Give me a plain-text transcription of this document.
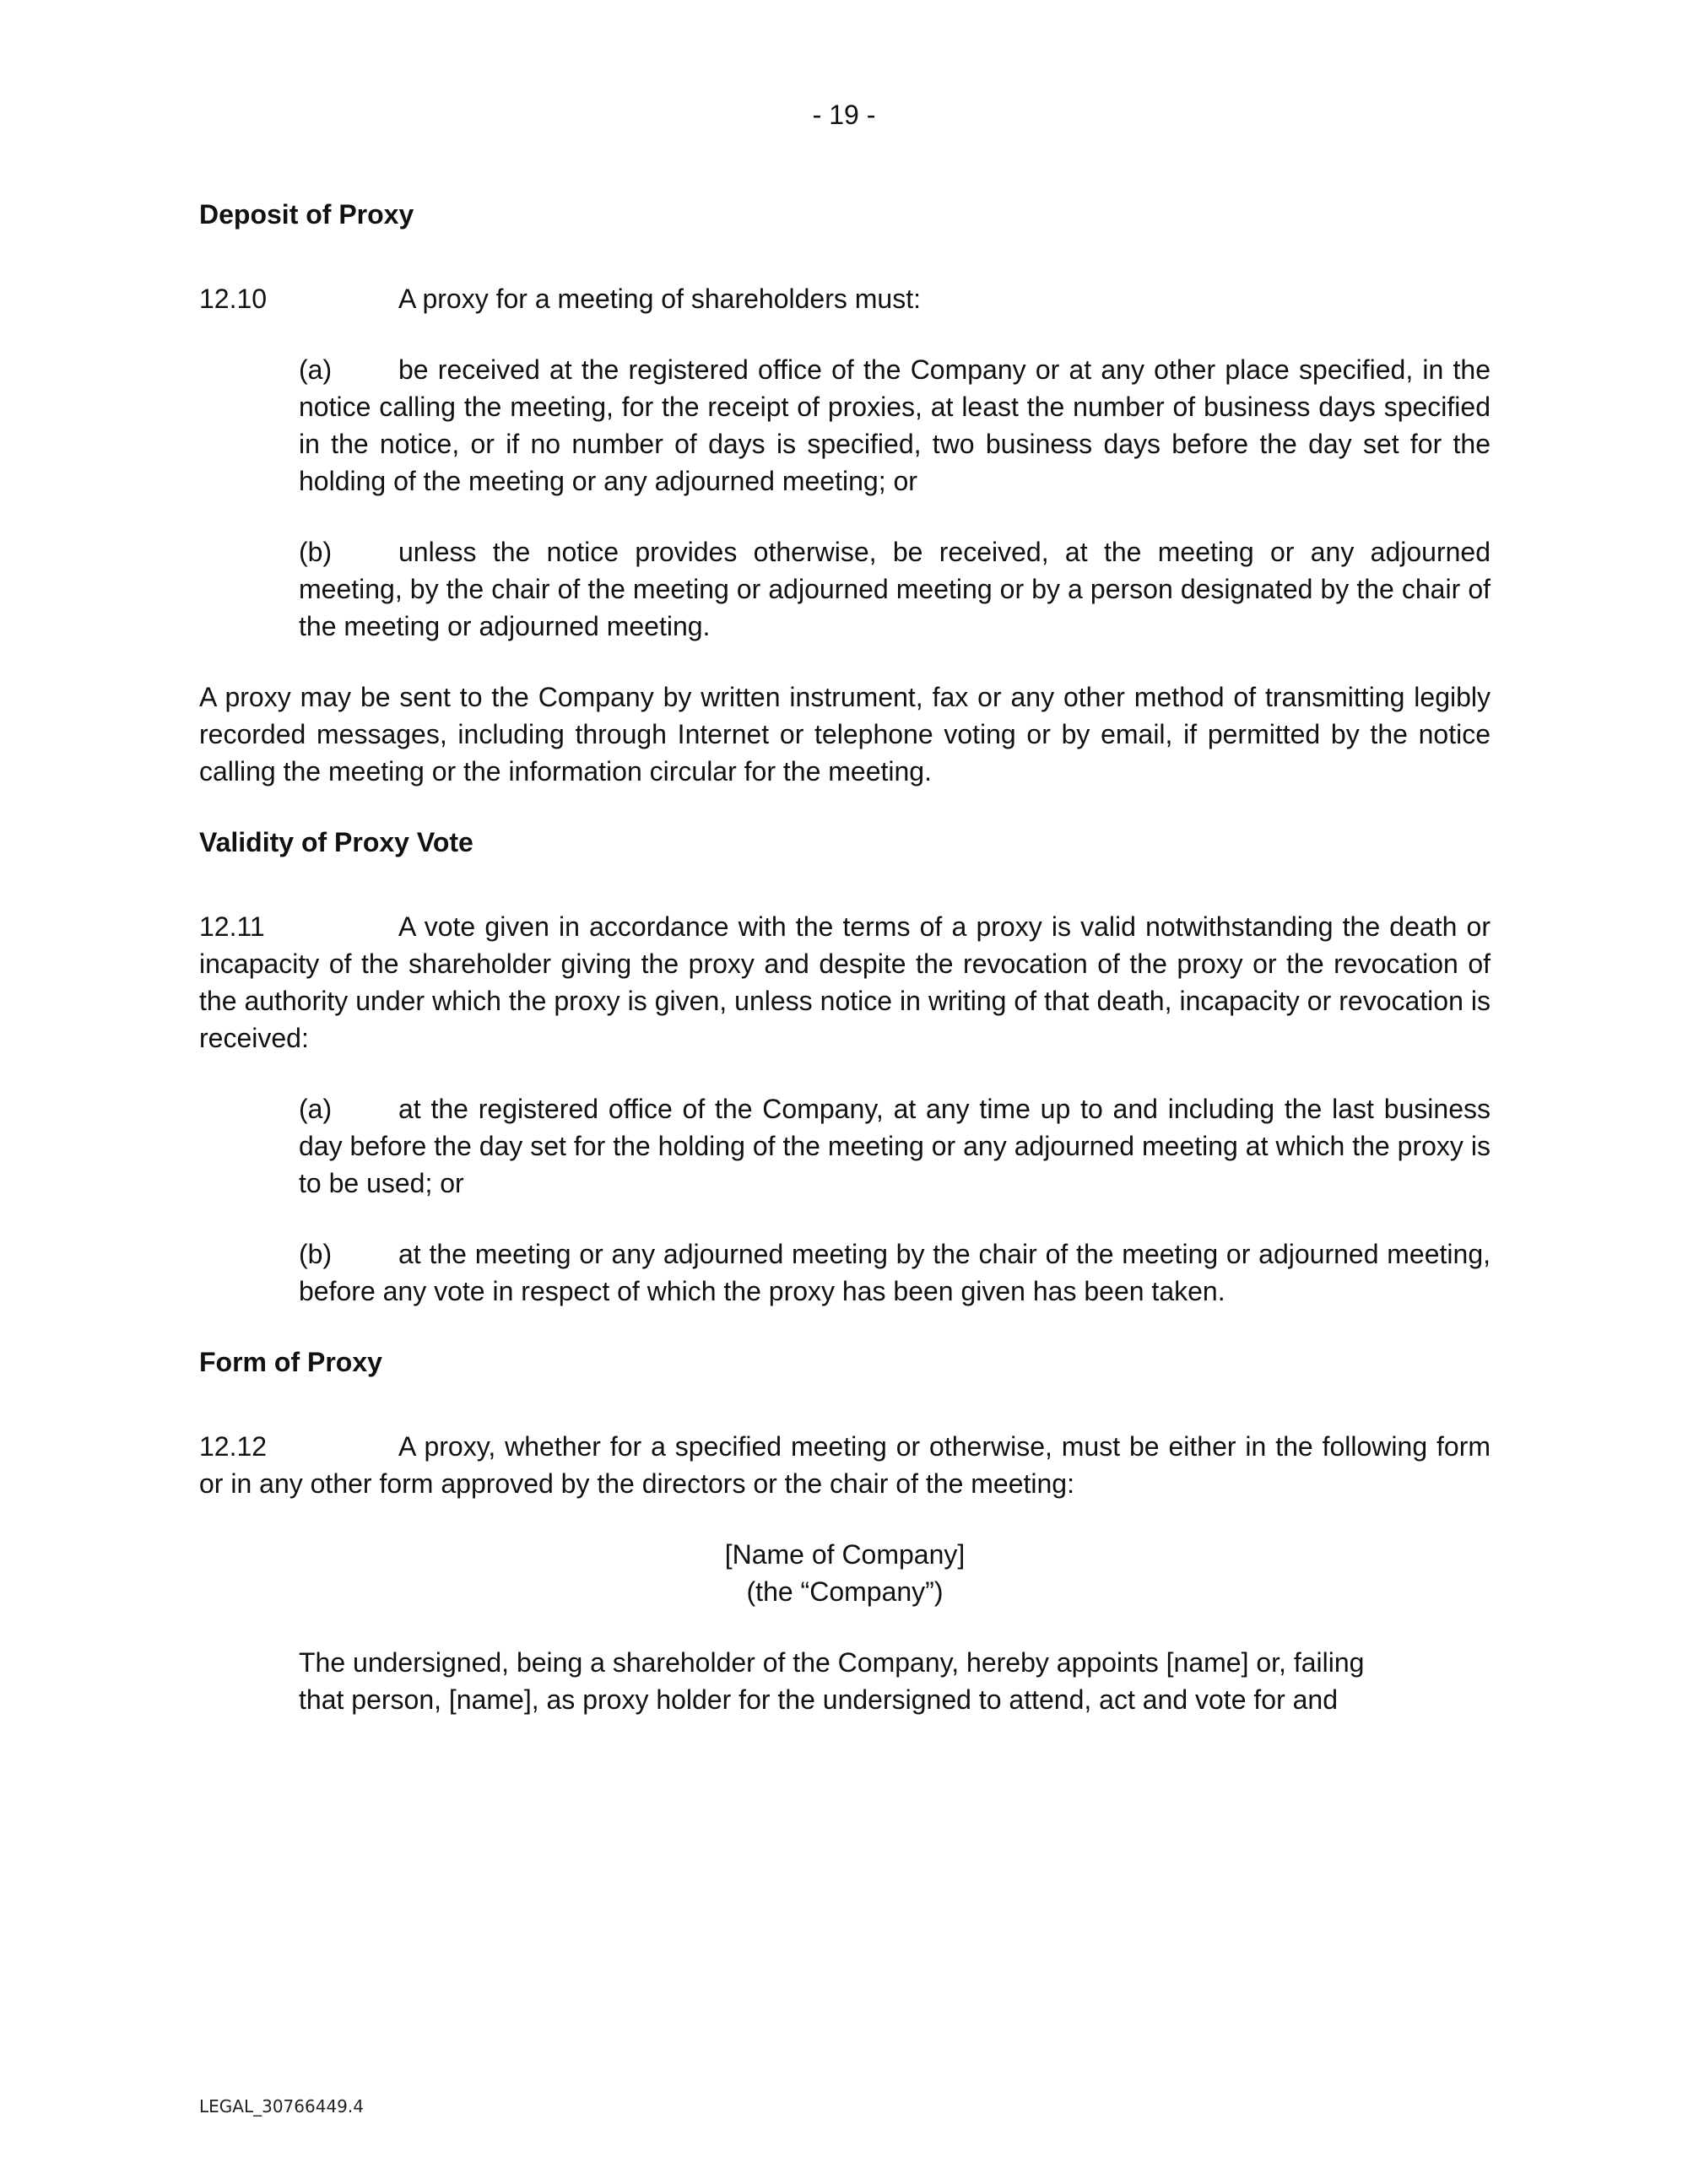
- 19 -
Deposit of Proxy
12.10	A proxy for a meeting of shareholders must:
(a) be received at the registered office of the Company or at any other place specified, in the notice calling the meeting, for the receipt of proxies, at least the number of business days specified in the notice, or if no number of days is specified, two business days before the day set for the holding of the meeting or any adjourned meeting; or
(b) unless the notice provides otherwise, be received, at the meeting or any adjourned meeting, by the chair of the meeting or adjourned meeting or by a person designated by the chair of the meeting or adjourned meeting.
A proxy may be sent to the Company by written instrument, fax or any other method of transmitting legibly recorded messages, including through Internet or telephone voting or by email, if permitted by the notice calling the meeting or the information circular for the meeting.
Validity of Proxy Vote
12.11	A vote given in accordance with the terms of a proxy is valid notwithstanding the death or incapacity of the shareholder giving the proxy and despite the revocation of the proxy or the revocation of the authority under which the proxy is given, unless notice in writing of that death, incapacity or revocation is received:
(a) at the registered office of the Company, at any time up to and including the last business day before the day set for the holding of the meeting or any adjourned meeting at which the proxy is to be used; or
(b) at the meeting or any adjourned meeting by the chair of the meeting or adjourned meeting, before any vote in respect of which the proxy has been given has been taken.
Form of Proxy
12.12	A proxy, whether for a specified meeting or otherwise, must be either in the following form or in any other form approved by the directors or the chair of the meeting:
[Name of Company]
(the “Company”)
The undersigned, being a shareholder of the Company, hereby appoints [name] or, failing that person, [name], as proxy holder for the undersigned to attend, act and vote for and
LEGAL_30766449.4
